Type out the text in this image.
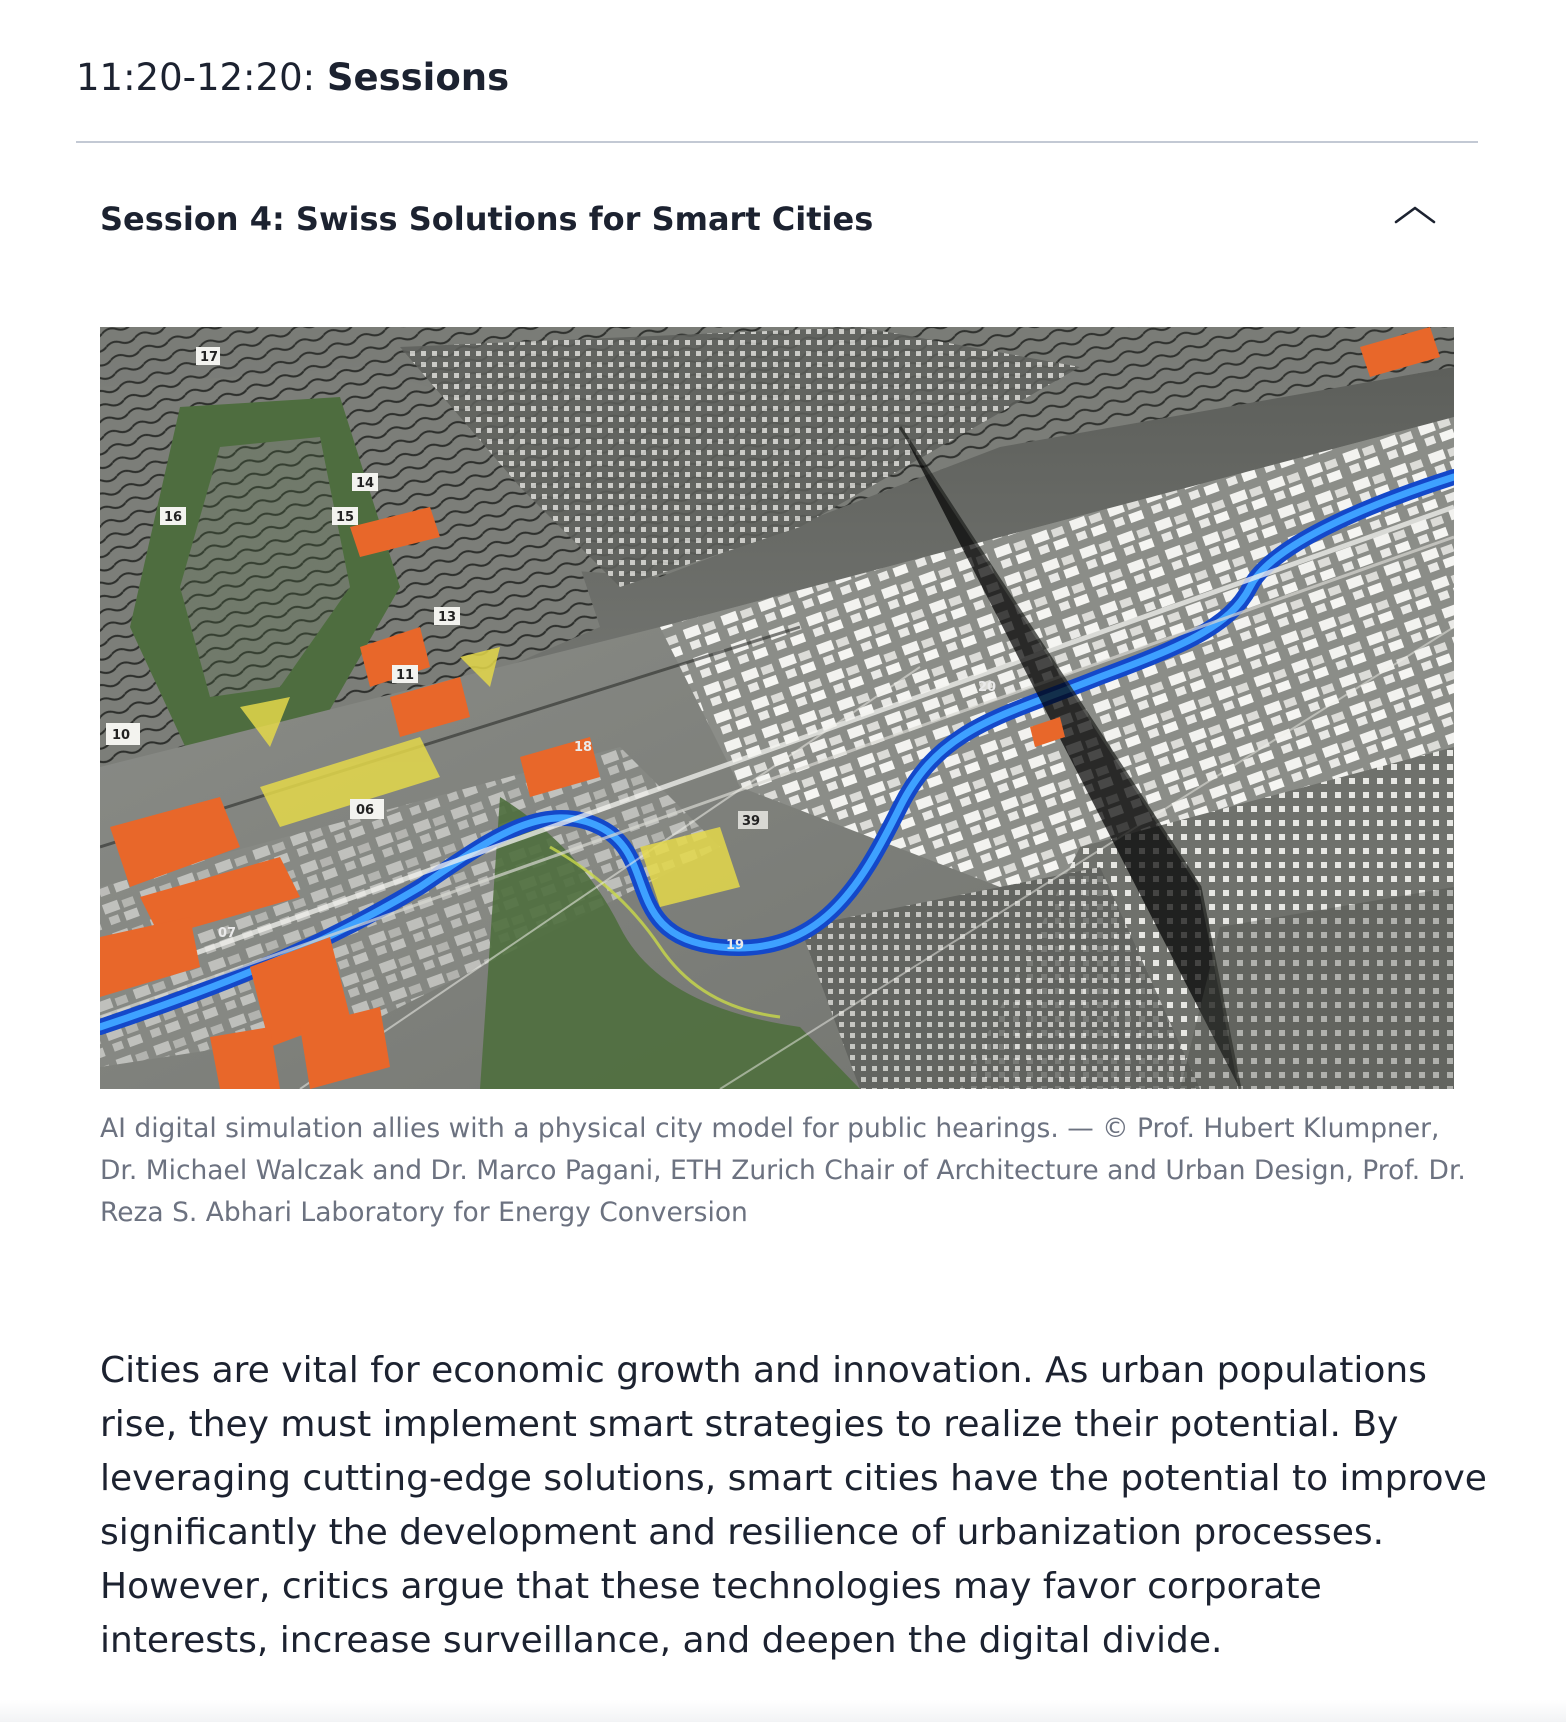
11:20-12:20: Sessions
Session 4: Swiss Solutions for Smart Cities
17
16
14
15
13
11
10
06
18
39
20
07
19
AI digital simulation allies with a physical city model for public hearings. — © Prof. Hubert Klumpner, Dr. Michael Walczak and Dr. Marco Pagani, ETH Zurich Chair of Architecture and Urban Design, Prof. Dr. Reza S. Abhari Laboratory for Energy Conversion
Cities are vital for economic growth and innovation. As urban populations rise, they must implement smart strategies to realize their potential. By leveraging cutting-edge solutions, smart cities have the potential to improve significantly the development and resilience of urbanization processes. However, critics argue that these technologies may favor corporate interests, increase surveillance, and deepen the digital divide.
